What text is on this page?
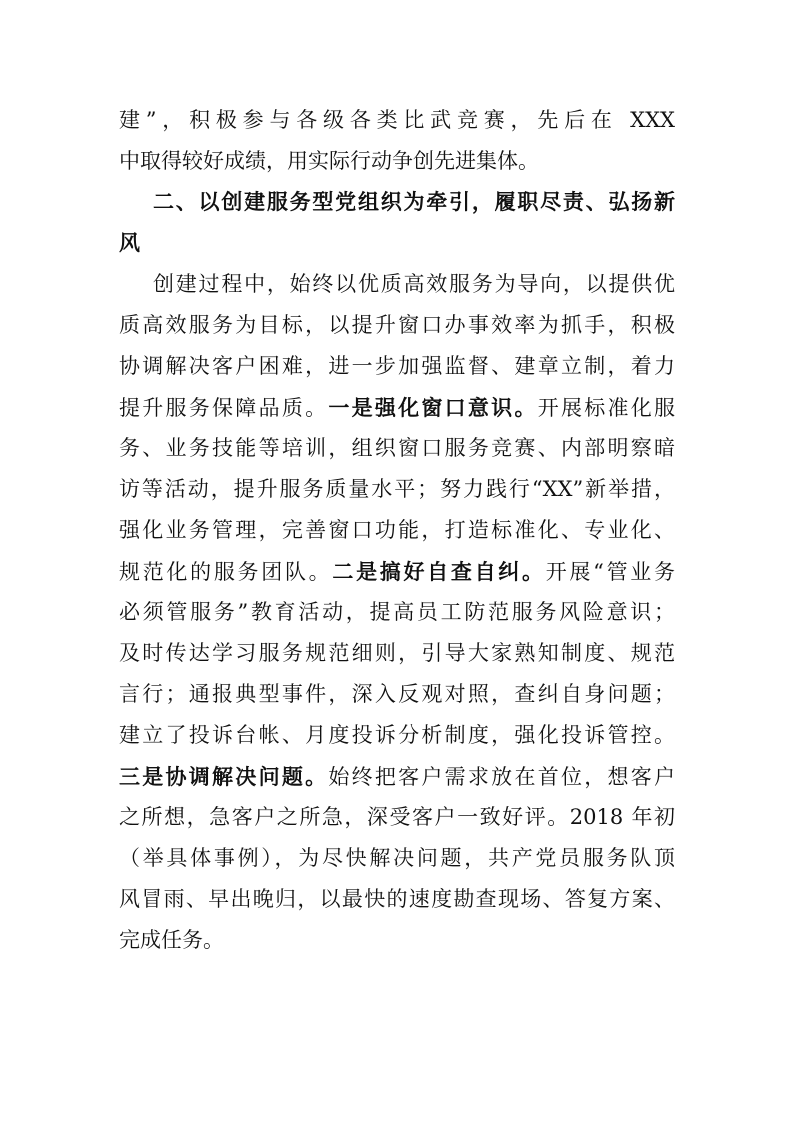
建”，积极参与各级各类比武竞赛，先后在 XXX
中取得较好成绩，用实际行动争创先进集体。
二、以创建服务型党组织为牵引，履职尽责、弘扬新
风
创建过程中，始终以优质高效服务为导向，以提供优
质高效服务为目标，以提升窗口办事效率为抓手，积极
协调解决客户困难，进一步加强监督、建章立制，着力
提升服务保障品质。一是强化窗口意识。开展标准化服
务、业务技能等培训，组织窗口服务竞赛、内部明察暗
访等活动，提升服务质量水平；努力践行“XX”新举措，
强化业务管理，完善窗口功能，打造标准化、专业化、
规范化的服务团队。二是搞好自查自纠。开展“管业务
必须管服务”教育活动，提高员工防范服务风险意识；
及时传达学习服务规范细则，引导大家熟知制度、规范
言行；通报典型事件，深入反观对照，查纠自身问题；
建立了投诉台帐、月度投诉分析制度，强化投诉管控。
三是协调解决问题。始终把客户需求放在首位，想客户
之所想，急客户之所急，深受客户一致好评。2018 年初
（举具体事例），为尽快解决问题，共产党员服务队顶
风冒雨、早出晚归，以最快的速度勘查现场、答复方案、
完成任务。
